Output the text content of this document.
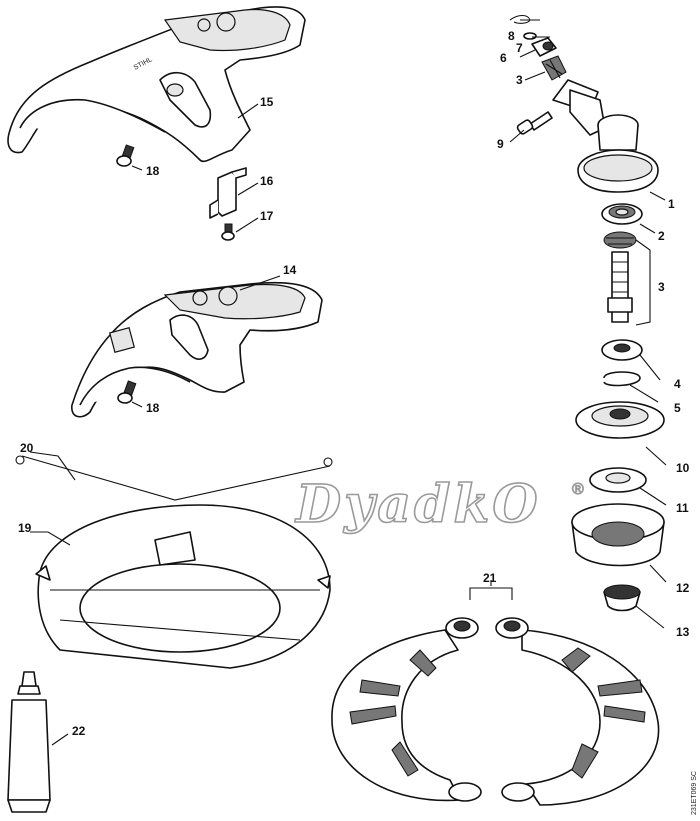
STIHL
8
7
6
3
9
1
2
3
4
5
10
11
12
13
15
16
17
14
18
18
20
19
21
22
DyadkO ®
231ET069 SC
